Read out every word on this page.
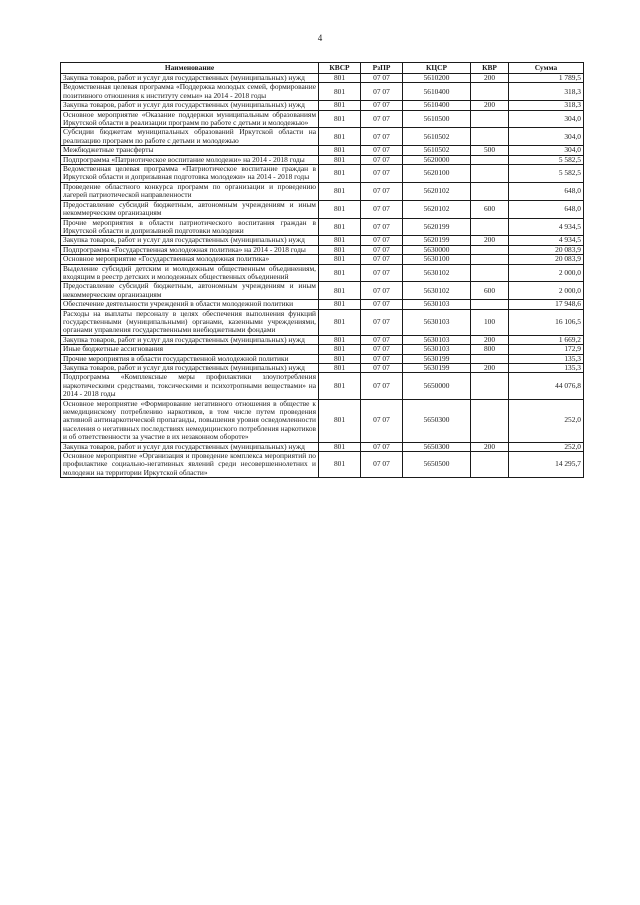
4
Наименование	КВСР	РзПР	КЦСР	КВР	Сумма
Закупка товаров, работ и услуг для государственных (муниципальных) нужд	801	07 07	5610200	200	1 789,5
Ведомственная целевая программа «Поддержка молодых семей, формирование позитивного отношения к институту семьи» на 2014 - 2018 годы	801	07 07	5610400		318,3
Закупка товаров, работ и услуг для государственных (муниципальных) нужд	801	07 07	5610400	200	318,3
Основное мероприятие «Оказание поддержки муниципальным образованиям Иркутской области в реализации программ по работе с детьми и молодежью»	801	07 07	5610500		304,0
Субсидии бюджетам муниципальных образований Иркутской области на реализацию программ по работе с детьми и молодежью	801	07 07	5610502		304,0
Межбюджетные трансферты	801	07 07	5610502	500	304,0
Подпрограмма «Патриотическое воспитание молодежи» на 2014 - 2018 годы	801	07 07	5620000		5 582,5
Ведомственная целевая программа «Патриотическое воспитание граждан в Иркутской области и допризывная подготовка молодежи» на 2014 - 2018 годы	801	07 07	5620100		5 582,5
Проведение областного конкурса программ по организации и проведению лагерей патриотической направленности	801	07 07	5620102		648,0
Предоставление субсидий бюджетным, автономным учреждениям и иным некоммерческим организациям	801	07 07	5620102	600	648,0
Прочие мероприятия в области патриотического воспитания граждан в Иркутской области и допризывной подготовки молодежи	801	07 07	5620199		4 934,5
Закупка товаров, работ и услуг для государственных (муниципальных) нужд	801	07 07	5620199	200	4 934,5
Подпрограмма «Государственная молодежная политика» на 2014 - 2018 годы	801	07 07	5630000		20 083,9
Основное мероприятие «Государственная молодежная политика»	801	07 07	5630100		20 083,9
Выделение субсидий детским и молодежным общественным объединениям, входящим в реестр детских и молодежных общественных объединений	801	07 07	5630102		2 000,0
Предоставление субсидий бюджетным, автономным учреждениям и иным некоммерческим организациям	801	07 07	5630102	600	2 000,0
Обеспечение деятельности учреждений в области молодежной политики	801	07 07	5630103		17 948,6
Расходы на выплаты персоналу в целях обеспечения выполнения функций государственными (муниципальными) органами, казенными учреждениями, органами управления государственными внебюджетными фондами	801	07 07	5630103	100	16 106,5
Закупка товаров, работ и услуг для государственных (муниципальных) нужд	801	07 07	5630103	200	1 669,2
Иные бюджетные ассигнования	801	07 07	5630103	800	172,9
Прочие мероприятия в области государственной молодежной политики	801	07 07	5630199		135,3
Закупка товаров, работ и услуг для государственных (муниципальных) нужд	801	07 07	5630199	200	135,3
Подпрограмма «Комплексные меры профилактики злоупотребления наркотическими средствами, токсическими и психотропными веществами» на 2014 - 2018 годы	801	07 07	5650000		44 076,8
Основное мероприятие «Формирование негативного отношения в обществе к немедицинскому потреблению наркотиков, в том числе путем проведения активной антинаркотической пропаганды, повышения уровня осведомленности населения о негативных последствиях немедицинского потребления наркотиков и об ответственности за участие в их незаконном обороте»	801	07 07	5650300		252,0
Закупка товаров, работ и услуг для государственных (муниципальных) нужд	801	07 07	5650300	200	252,0
Основное мероприятие «Организация и проведение комплекса мероприятий по профилактике социально-негативных явлений среди несовершеннолетних и молодежи на территории Иркутской области»	801	07 07	5650500		14 295,7
